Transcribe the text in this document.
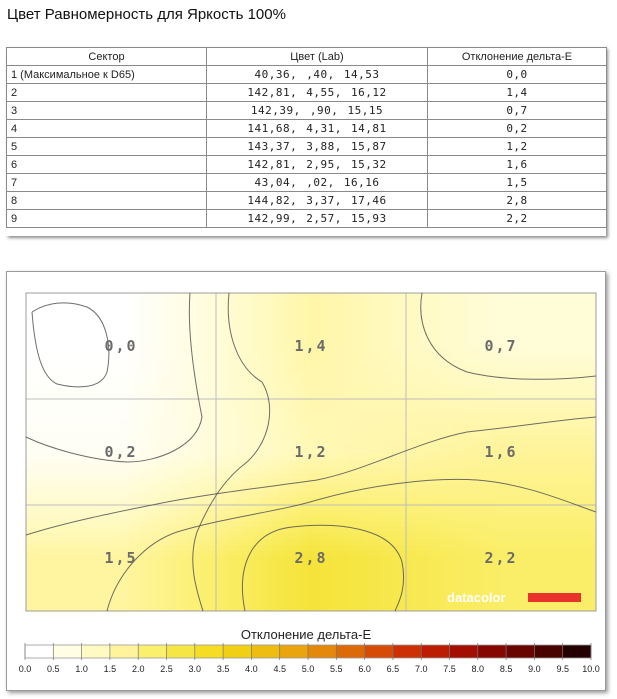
Цвет Равномерность для Яркость 100%
Сектор	Цвет (Lab)	Отклонение дельта-E
1 (Максимальное к D65)	40,36, ,40, 14,53	0,0
2	142,81, 4,55, 16,12	1,4
3	142,39, ,90, 15,15	0,7
4	141,68, 4,31, 14,81	0,2
5	143,37, 3,88, 15,87	1,2
6	142,81, 2,95, 15,32	1,6
7	43,04, ,02, 16,16	1,5
8	144,82, 3,37, 17,46	2,8
9	142,99, 2,57, 15,93	2,2
0,0	1,4	0,7
0,2	1,2	1,6
1,5	2,8	2,2
datacolor
Отклонение дельта-E
0.0 0.5 1.0 1.5 2.0 2.5 3.0 3.5 4.0 4.5 5.0 5.5 6.0 6.5 7.0 7.5 8.0 8.5 9.0 9.5 10.0
